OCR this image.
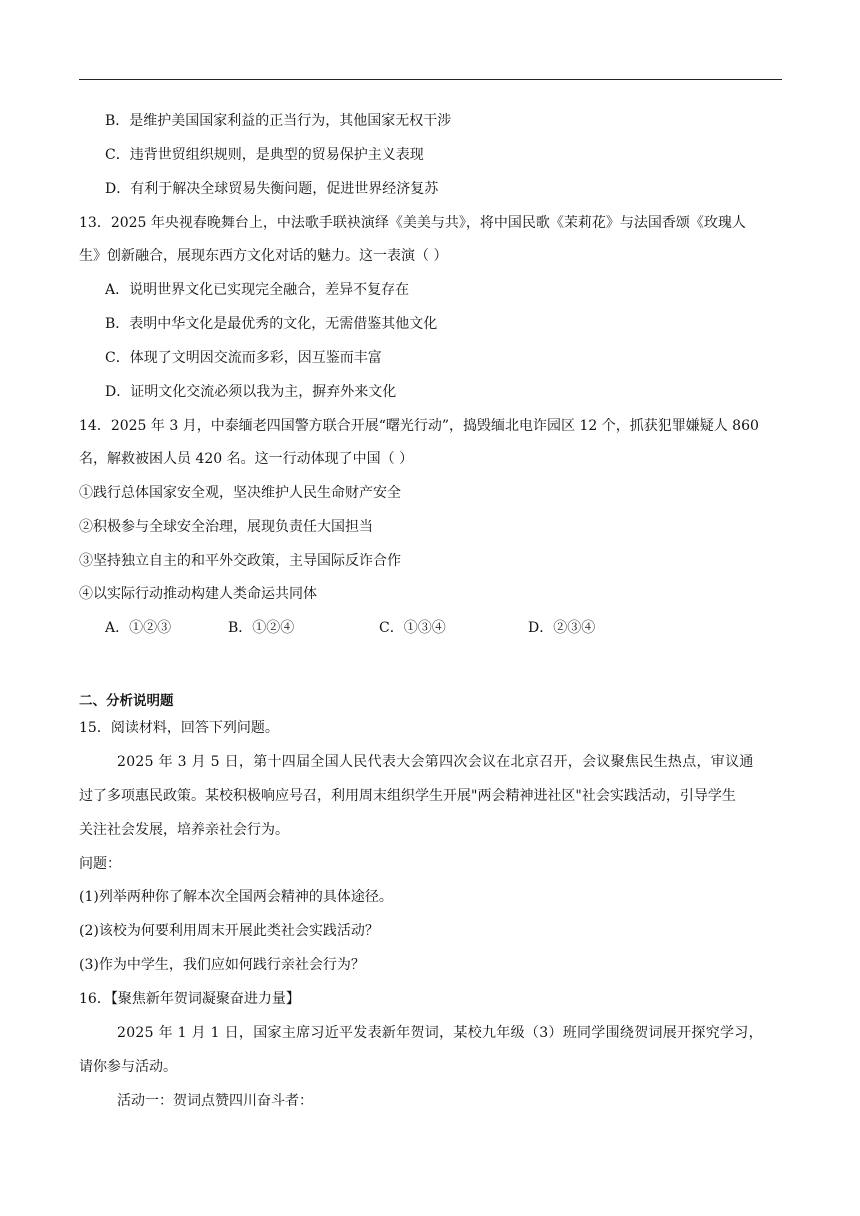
B．是维护美国国家利益的正当行为，其他国家无权干涉
C．违背世贸组织规则，是典型的贸易保护主义表现
D．有利于解决全球贸易失衡问题，促进世界经济复苏
13．2025 年央视春晚舞台上，中法歌手联袂演绎《美美与共》，将中国民歌《茉莉花》与法国香颂《玫瑰人
生》创新融合，展现东西方文化对话的魅力。这一表演（ ）
A．说明世界文化已实现完全融合，差异不复存在
B．表明中华文化是最优秀的文化，无需借鉴其他文化
C．体现了文明因交流而多彩，因互鉴而丰富
D．证明文化交流必须以我为主，摒弃外来文化
14．2025 年 3 月，中泰缅老四国警方联合开展“曙光行动”，捣毁缅北电诈园区 12 个，抓获犯罪嫌疑人 860
名，解救被困人员 420 名。这一行动体现了中国（ ）
①践行总体国家安全观，坚决维护人民生命财产安全
②积极参与全球安全治理，展现负责任大国担当
③坚持独立自主的和平外交政策，主导国际反诈合作
④以实际行动推动构建人类命运共同体
A．①②③	B．①②④	C．①③④	D．②③④
二、分析说明题
15．阅读材料，回答下列问题。
2025 年 3 月 5 日，第十四届全国人民代表大会第四次会议在北京召开，会议聚焦民生热点，审议通
过了多项惠民政策。某校积极响应号召，利用周末组织学生开展"两会精神进社区"社会实践活动，引导学生
关注社会发展，培养亲社会行为。
问题：
(1)列举两种你了解本次全国两会精神的具体途径。
(2)该校为何要利用周末开展此类社会实践活动？
(3)作为中学生，我们应如何践行亲社会行为？
16．【聚焦新年贺词凝聚奋进力量】
2025 年 1 月 1 日，国家主席习近平发表新年贺词，某校九年级（3）班同学围绕贺词展开探究学习，
请你参与活动。
活动一：贺词点赞四川奋斗者：
